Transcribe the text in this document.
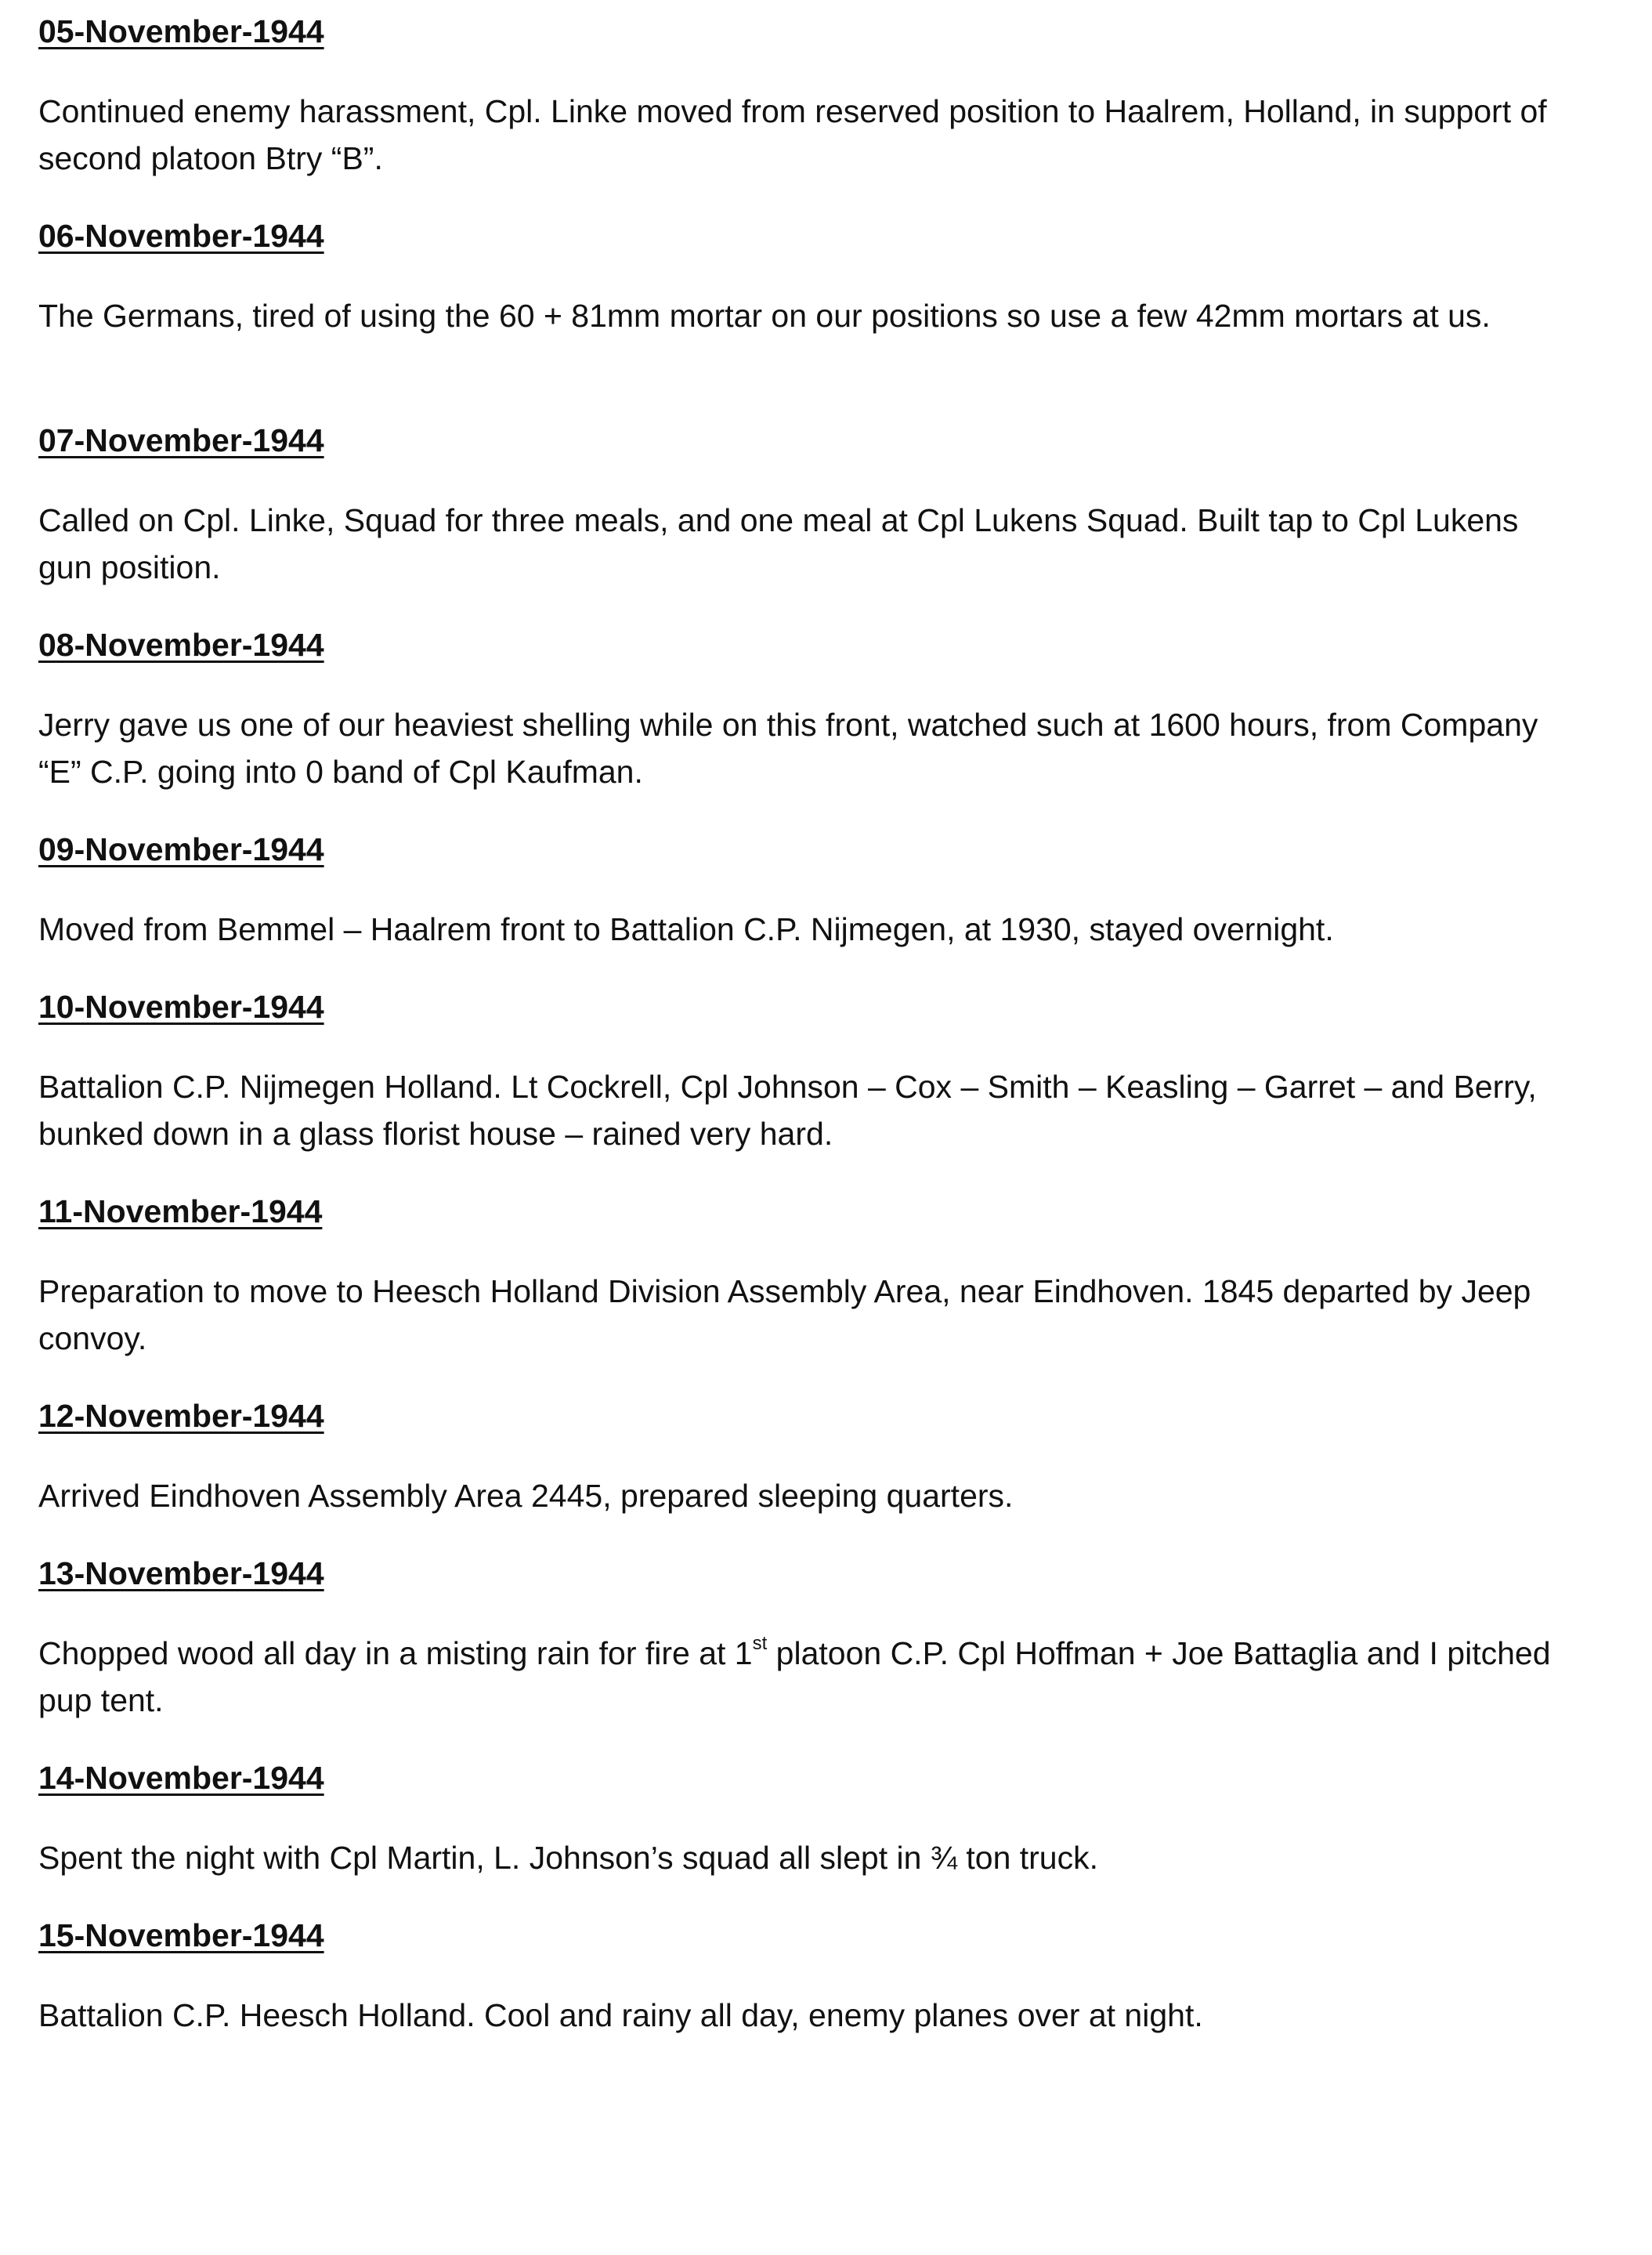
05-November-1944

Continued enemy harassment, Cpl. Linke moved from reserved position to Haalrem, Holland, in support of second platoon Btry “B”.

06-November-1944

The Germans, tired of using the 60 + 81mm mortar on our positions so use a few 42mm mortars at us.

07-November-1944

Called on Cpl. Linke, Squad for three meals, and one meal at Cpl Lukens Squad. Built tap to Cpl Lukens gun position.

08-November-1944

Jerry gave us one of our heaviest shelling while on this front, watched such at 1600 hours, from Company “E” C.P. going into 0 band of Cpl Kaufman.

09-November-1944

Moved from Bemmel – Haalrem front to Battalion C.P. Nijmegen, at 1930, stayed overnight.

10-November-1944

Battalion C.P. Nijmegen Holland. Lt Cockrell, Cpl Johnson – Cox – Smith – Keasling – Garret – and Berry, bunked down in a glass florist house – rained very hard.

11-November-1944

Preparation to move to Heesch Holland Division Assembly Area, near Eindhoven. 1845 departed by Jeep convoy.

12-November-1944

Arrived Eindhoven Assembly Area 2445, prepared sleeping quarters.

13-November-1944

Chopped wood all day in a misting rain for fire at 1st platoon C.P. Cpl Hoffman + Joe Battaglia and I pitched pup tent.

14-November-1944

Spent the night with Cpl Martin, L. Johnson’s squad all slept in ¾ ton truck.

15-November-1944

Battalion C.P. Heesch Holland. Cool and rainy all day, enemy planes over at night.
